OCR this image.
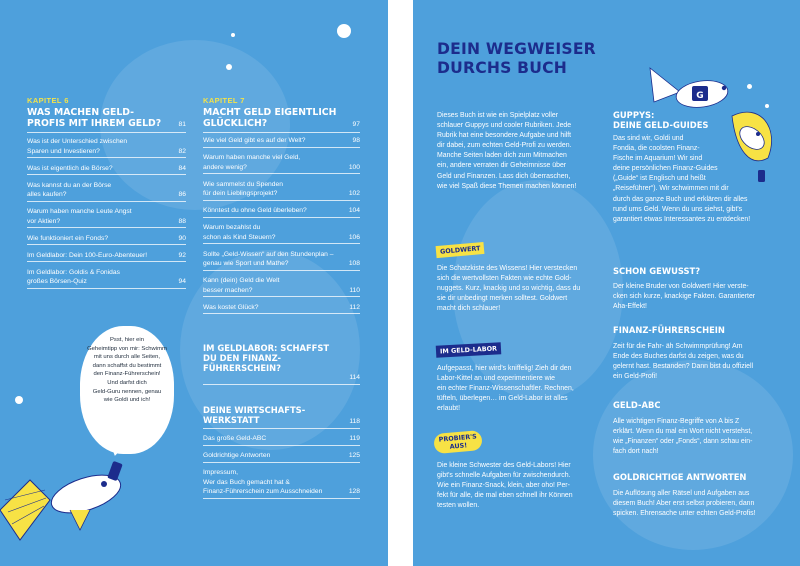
KAPITEL 6
WAS MACHEN GELD-PROFIS MIT IHREM GELD?	81
Was ist der Unterschied zwischen
Sparen und Investieren?	82
Was ist eigentlich die Börse?	84
Was kannst du an der Börse
alles kaufen?	86
Warum haben manche Leute Angst
vor Aktien?	88
Wie funktioniert ein Fonds?	90
Im Geldlabor: Dein 100-Euro-Abenteuer!	92
Im Geldlabor: Goldis & Fonidas
großes Börsen-Quiz	94
KAPITEL 7
MACHT GELD EIGENTLICH GLÜCKLICH?	97
Wie viel Geld gibt es auf der Welt?	98
Warum haben manche viel Geld,
andere wenig?	100
Wie sammelst du Spenden
für dein Lieblingsprojekt?	102
Könntest du ohne Geld überleben?	104
Warum bezahlst du
schon als Kind Steuern?	106
Sollte „Geld-Wissen“ auf den Stundenplan –
genau wie Sport und Mathe?	108
Kann (dein) Geld die Welt
besser machen?	110
Was kostet Glück?	112
IM GELDLABOR: SCHAFFST DU DEN FINANZ-FÜHRERSCHEIN?
114
DEINE WIRTSCHAFTS-WERKSTATT	118
Das große Geld-ABC	119
Goldrichtige Antworten	125
Impressum,
Wer das Buch gemacht hat &
Finanz-Führerschein zum Ausschneiden	128
Psst, hier ein
Geheimtipp von mir: Schwimm
mit uns durch alle Seiten,
dann schaffst du bestimmt
den Finanz-Führerschein!
Und darfst dich
Geld-Guru nennen, genau
wie Goldi und ich!
DEIN WEGWEISER
DURCHS BUCH
Dieses Buch ist wie ein Spielplatz voller
schlauer Guppys und cooler Rubriken. Jede
Rubrik hat eine besondere Aufgabe und hilft
dir dabei, zum echten Geld-Profi zu werden.
Manche Seiten laden dich zum Mitmachen
ein, andere verraten dir Geheimnisse über
Geld und Finanzen. Lass dich überraschen,
wie viel Spaß diese Themen machen können!
GOLDWERT
Die Schatzkiste des Wissens! Hier verstecken
sich die wertvollsten Fakten wie echte Gold-
nuggets. Kurz, knackig und so wichtig, dass du
sie dir unbedingt merken solltest. Goldwert
macht dich schlauer!
IM GELD-LABOR
Aufgepasst, hier wird's kniffelig! Zieh dir den
Labor-Kittel an und experimentiere wie
ein echter Finanz-Wissenschaftler. Rechnen,
tüfteln, überlegen… im Geld-Labor ist alles
erlaubt!
PROBIER'S
AUS!
Die kleine Schwester des Geld-Labors! Hier
gibt's schnelle Aufgaben für zwischendurch.
Wie ein Finanz-Snack, klein, aber oho! Per-
fekt für alle, die mal eben schnell ihr Können
testen wollen.
GUPPYS:
DEINE GELD-GUIDES
Das sind wir, Goldi und
Fondia, die coolsten Finanz-
Fische im Aquarium! Wir sind
deine persönlichen Finanz-Guides
(„Guide“ ist Englisch und heißt
„Reiseführer“). Wir schwimmen mit dir
durch das ganze Buch und erklären dir alles
rund ums Geld. Wenn du uns siehst, gibt's
garantiert etwas Interessantes zu entdecken!
SCHON GEWUSST?
Der kleine Bruder von Goldwert! Hier verste-
cken sich kurze, knackige Fakten. Garantierter
Aha-Effekt!
FINANZ-FÜHRERSCHEIN
Zeit für die Fahr- äh Schwimmprüfung! Am
Ende des Buches darfst du zeigen, was du
gelernt hast. Bestanden? Dann bist du offiziell
ein Geld-Profi!
GELD-ABC
Alle wichtigen Finanz-Begriffe von A bis Z
erklärt. Wenn du mal ein Wort nicht verstehst,
wie „Finanzen“ oder „Fonds“, dann schau ein-
fach dort nach!
GOLDRICHTIGE ANTWORTEN
Die Auflösung aller Rätsel und Aufgaben aus
diesem Buch! Aber erst selbst probieren, dann
spicken. Ehrensache unter echten Geld-Profis!
G
